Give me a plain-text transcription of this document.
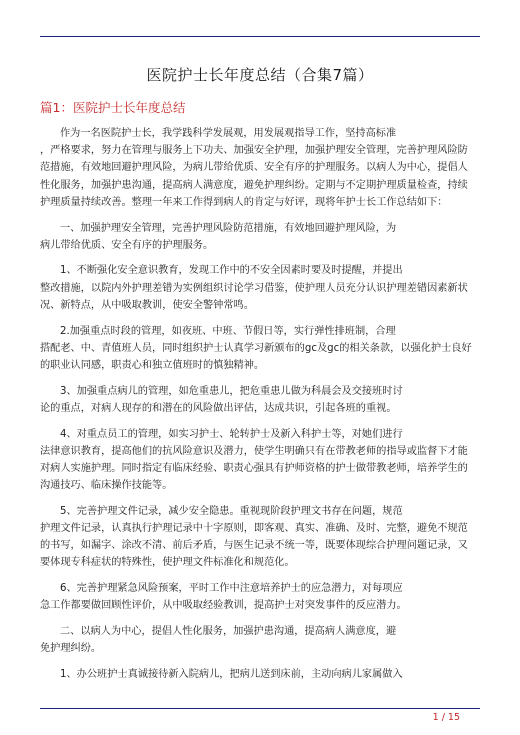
医院护士长年度总结（合集7篇）
篇1：医院护士长年度总结
作为一名医院护士长，我学践科学发展观，用发展观指导工作，坚持高标准
，严格要求，努力在管理与服务上下功夫、加强安全护理，加强护理安全管理，完善护理风险防
范措施，有效地回避护理风险，为病儿带给优质、安全有序的护理服务。以病人为中心，提倡人
性化服务，加强护患沟通，提高病人满意度，避免护理纠纷。定期与不定期护理质量检查，持续
护理质量持续改善。整理一年来工作得到病人的肯定与好评，现将年护士长工作总结如下：
一、加强护理安全管理，完善护理风险防范措施，有效地回避护理风险，为
病儿带给优质、安全有序的护理服务。
1、不断强化安全意识教育，发现工作中的不安全因素时要及时提醒，并提出
整改措施，以院内外护理差错为实例组织讨论学习借鉴，使护理人员充分认识护理差错因素新状
况、新特点，从中吸取教训，使安全警钟常鸣。
2.加强重点时段的管理，如夜班、中班、节假日等，实行弹性排班制，合理
搭配老、中、青值班人员，同时组织护士认真学习新颁布的gc及gc的相关条款，以强化护士良好
的职业认同感，职责心和独立值班时的慎独精神。
3、加强重点病儿的管理，如危重患儿，把危重患儿做为科晨会及交接班时讨
论的重点，对病人现存的和潜在的风险做出评估，达成共识，引起各班的重视。
4、对重点员工的管理，如实习护士、轮转护士及新入科护士等，对她们进行
法律意识教育，提高他们的抗风险意识及潜力，使学生明确只有在带教老师的指导或监督下才能
对病人实施护理。同时指定有临床经验、职责心强具有护师资格的护士做带教老师，培养学生的
沟通技巧、临床操作技能等。
5、完善护理文件记录，减少安全隐患。重视现阶段护理文书存在问题，规范
护理文件记录，认真执行护理记录中十字原则，即客观、真实、准确、及时、完整，避免不规范
的书写，如漏字、涂改不清、前后矛盾，与医生记录不统一等，既要体现综合护理问题记录，又
要体现专科症状的特殊性，使护理文件标准化和规范化。
6、完善护理紧急风险预案，平时工作中注意培养护士的应急潜力，对每项应
急工作都要做回顾性评价，从中吸取经验教训，提高护士对突发事件的反应潜力。
二、以病人为中心，提倡人性化服务，加强护患沟通，提高病人满意度，避
免护理纠纷。
1、办公班护士真诚接待新入院病儿，把病儿送到床前，主动向病儿家属做入
1 / 15
